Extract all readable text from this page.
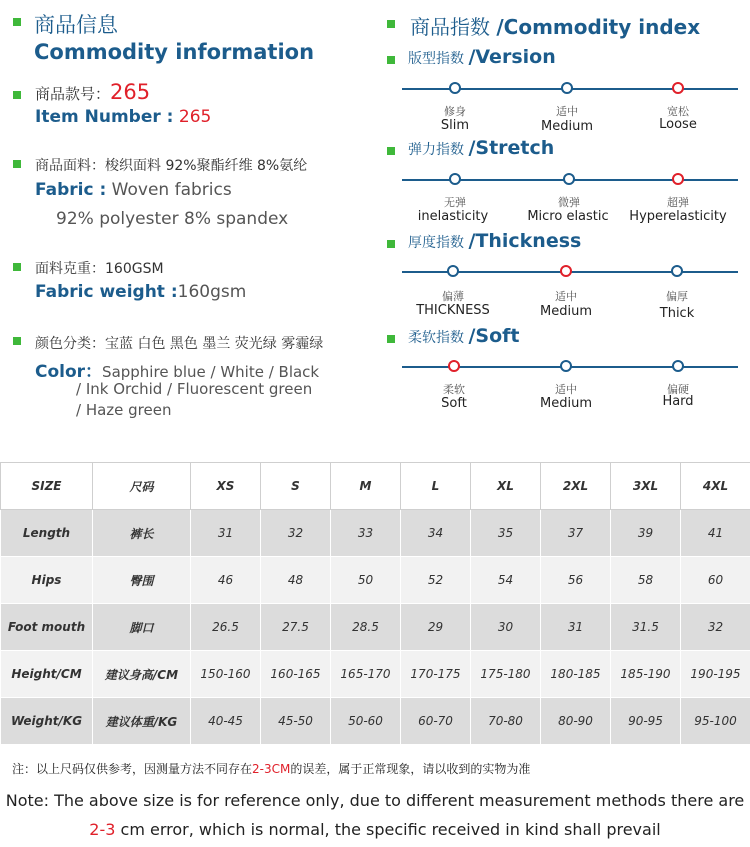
商品信息
Commodity information
商品款号：265
Item Number : 265
商品面料：梭织面料 92%聚酯纤维 8%氨纶
Fabric : Woven fabrics
92% polyester 8% spandex
面料克重：160GSM
Fabric weight :160gsm
颜色分类：宝蓝 白色 黑色 墨兰 荧光绿 雾霾绿
Color：Sapphire blue / White / Black
/ Ink Orchid / Fluorescent green
/ Haze green
商品指数 /Commodity index
版型指数 /Version
修身	适中	宽松
Slim	Medium	Loose
弹力指数 /Stretch
无弹	微弹	超弹
inelasticity	Micro elastic	Hyperelasticity
厚度指数 /Thickness
偏薄	适中	偏厚
THICKNESS	Medium	Thick
柔软指数 /Soft
柔软	适中	偏硬
Soft	Medium	Hard
SIZE	尺码	XS	S	M	L	XL	2XL	3XL	4XL
Length	裤长	31	32	33	34	35	37	39	41
Hips	臀围	46	48	50	52	54	56	58	60
Foot mouth	脚口	26.5	27.5	28.5	29	30	31	31.5	32
Height/CM	建议身高/CM	150-160	160-165	165-170	170-175	175-180	180-185	185-190	190-195
Weight/KG	建议体重/KG	40-45	45-50	50-60	60-70	70-80	80-90	90-95	95-100
注：以上尺码仅供参考，因测量方法不同存在2-3CM的误差，属于正常现象，请以收到的实物为准
Note: The above size is for reference only, due to different measurement methods there are 2-3 cm error, which is normal, the specific received in kind shall prevail
